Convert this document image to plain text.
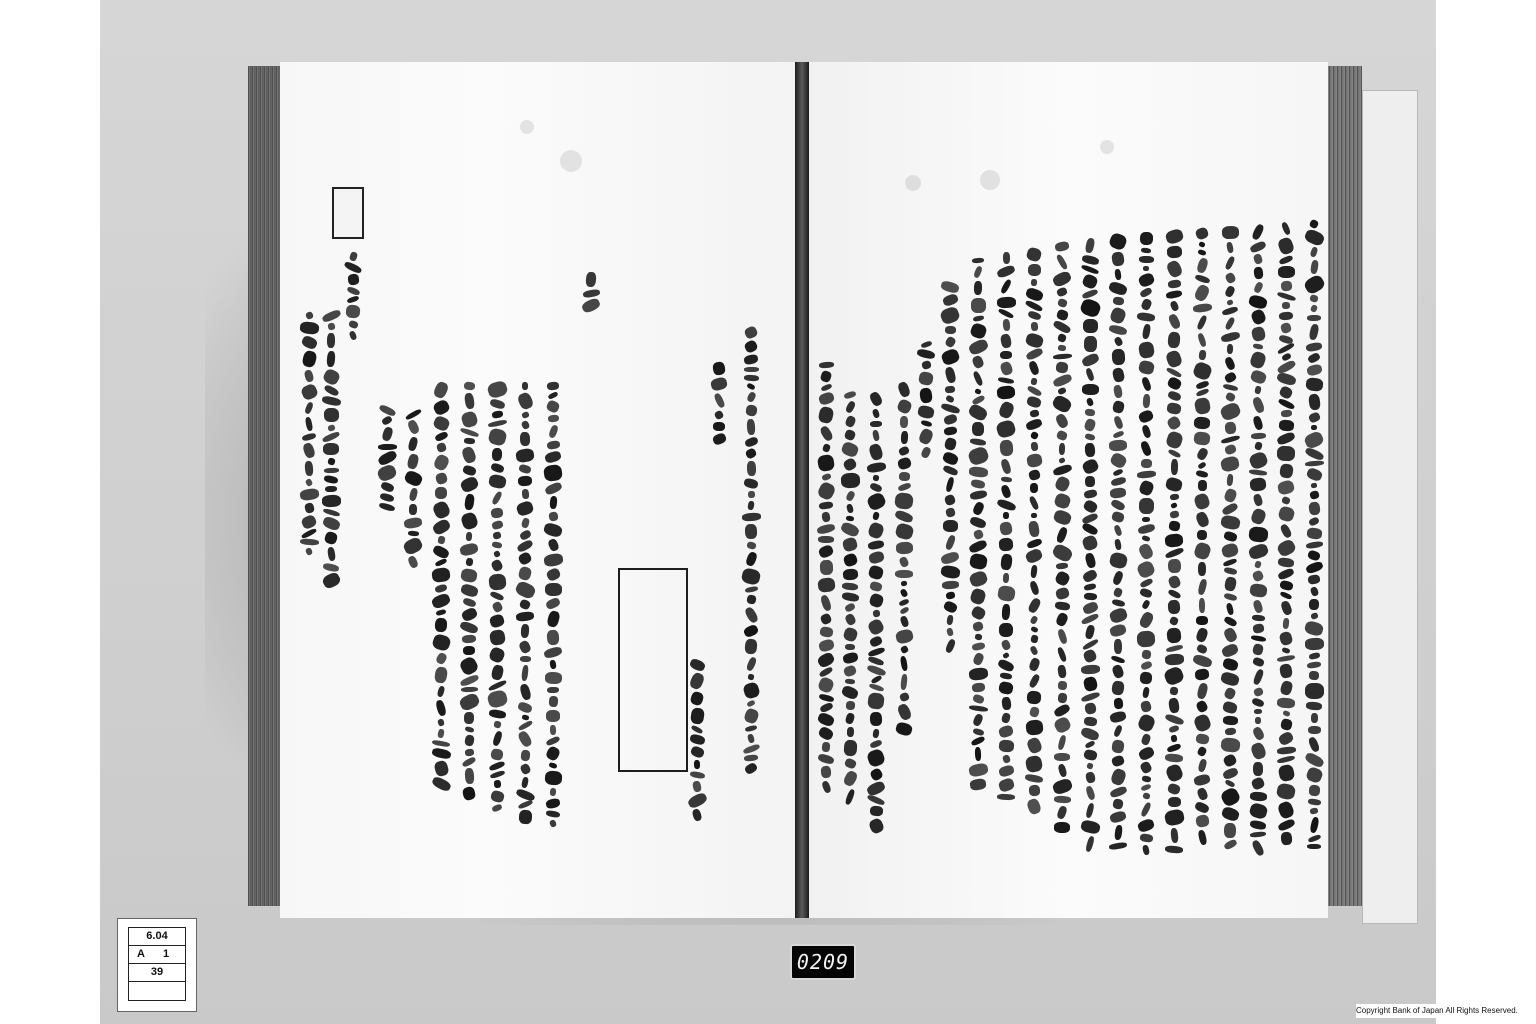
6.04
A 1
39	0209
Copyright Bank of Japan All Rights Reserved.
